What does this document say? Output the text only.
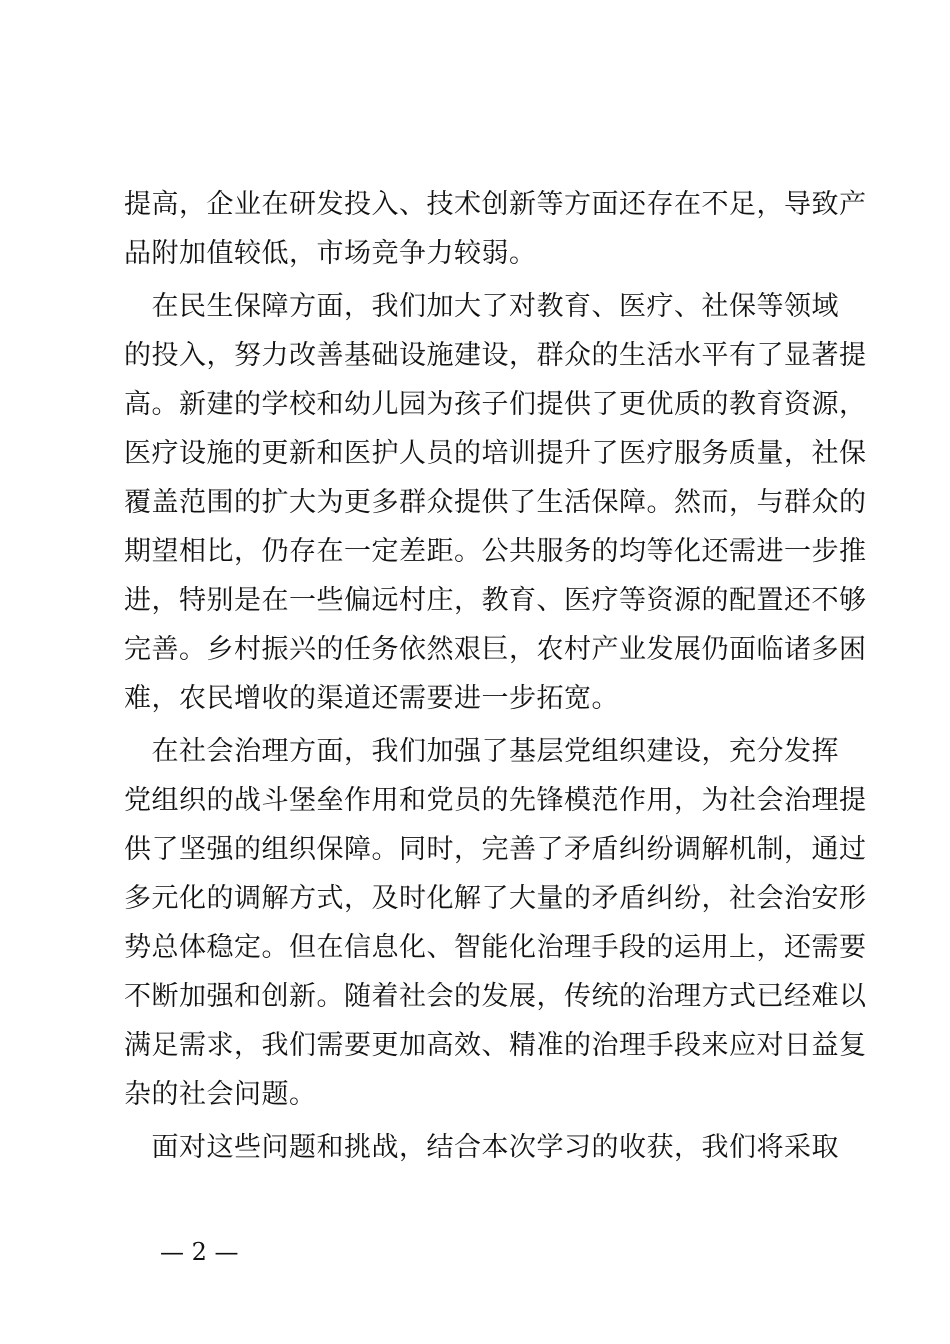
提高，企业在研发投入、技术创新等方面还存在不足，导致产
品附加值较低，市场竞争力较弱。
　在民生保障方面，我们加大了对教育、医疗、社保等领域
的投入，努力改善基础设施建设，群众的生活水平有了显著提
高。新建的学校和幼儿园为孩子们提供了更优质的教育资源，
医疗设施的更新和医护人员的培训提升了医疗服务质量，社保
覆盖范围的扩大为更多群众提供了生活保障。然而，与群众的
期望相比，仍存在一定差距。公共服务的均等化还需进一步推
进，特别是在一些偏远村庄，教育、医疗等资源的配置还不够
完善。乡村振兴的任务依然艰巨，农村产业发展仍面临诸多困
难，农民增收的渠道还需要进一步拓宽。
　在社会治理方面，我们加强了基层党组织建设，充分发挥
党组织的战斗堡垒作用和党员的先锋模范作用，为社会治理提
供了坚强的组织保障。同时，完善了矛盾纠纷调解机制，通过
多元化的调解方式，及时化解了大量的矛盾纠纷，社会治安形
势总体稳定。但在信息化、智能化治理手段的运用上，还需要
不断加强和创新。随着社会的发展，传统的治理方式已经难以
满足需求，我们需要更加高效、精准的治理手段来应对日益复
杂的社会问题。
　面对这些问题和挑战，结合本次学习的收获，我们将采取
— 2 —
